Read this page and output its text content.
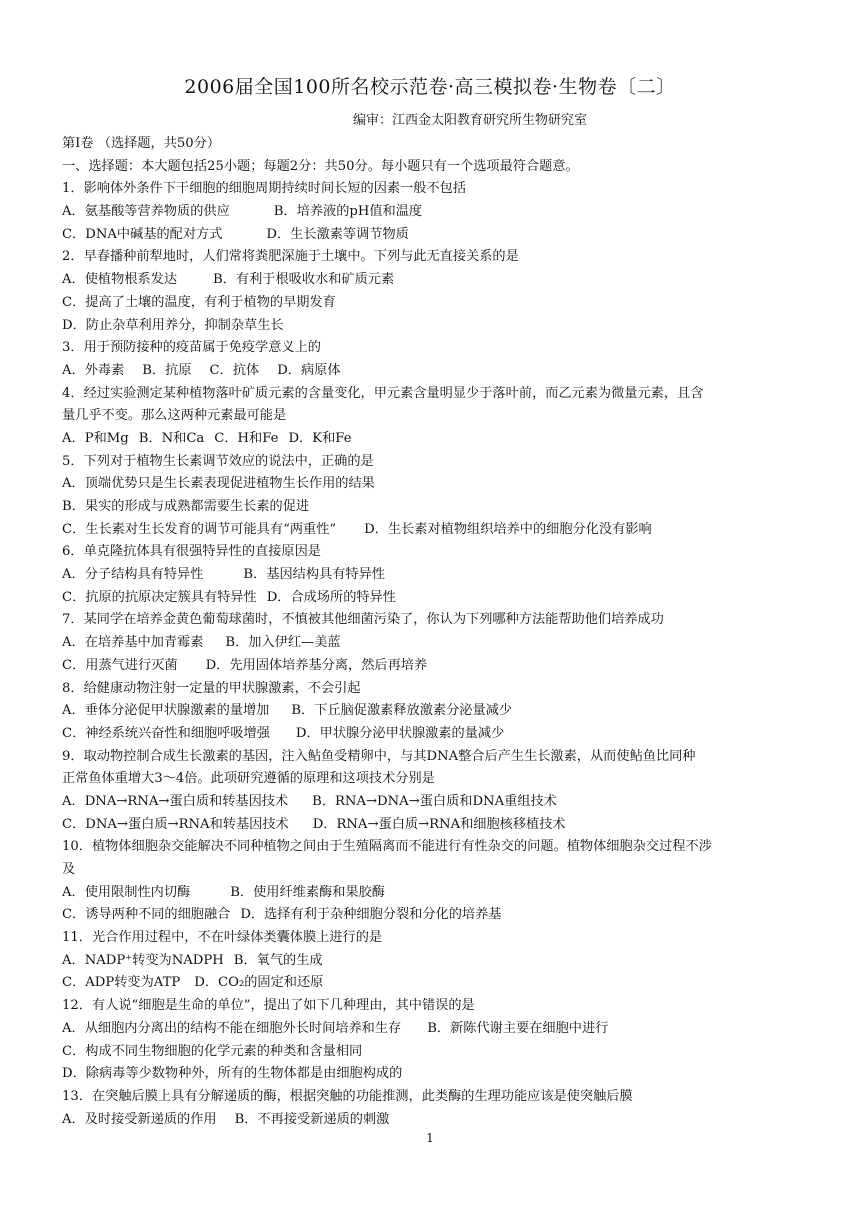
2006届全国100所名校示范卷·高三模拟卷·生物卷〔二〕
编审：江西金太阳教育研究所生物研究室
第Ⅰ卷 （选择题，共50分）
一、选择题：本大题包括25小题；每题2分：共50分。每小题只有一个选项最符合题意。
1．影响体外条件下干细胞的细胞周期持续时间长短的因素一般不包括
A．氨基酸等营养物质的供应	B．培养液的pH值和温度
C．DNA中碱基的配对方式	D．生长激素等调节物质
2．早春播种前犁地时，人们常将粪肥深施于土壤中。下列与此无直接关系的是
A．使植物根系发达	B．有利于根吸收水和矿质元素
C．提高了土壤的温度，有利于植物的早期发育
D．防止杂草利用养分，抑制杂草生长
3．用于预防接种的疫苗属于免疫学意义上的
A．外毒素 B．抗原 C．抗体 D．病原体
4．经过实验测定某种植物落叶矿质元素的含量变化，甲元素含量明显少于落叶前，而乙元素为微量元素，且含
量几乎不变。那么这两种元素最可能是
A．P和Mg B．N和Ca C．H和Fe D．K和Fe
5．下列对于植物生长素调节效应的说法中，正确的是
A．顶端优势只是生长素表现促进植物生长作用的结果
B．果实的形成与成熟都需要生长素的促进
C．生长素对生长发育的调节可能具有“两重性” D．生长素对植物组织培养中的细胞分化没有影响
6．单克隆抗体具有很强特异性的直接原因是
A．分子结构具有特异性	B．基因结构具有特异性
C．抗原的抗原决定簇具有特异性 D．合成场所的特异性
7．某同学在培养金黄色葡萄球菌时，不慎被其他细菌污染了，你认为下列哪种方法能帮助他们培养成功
A．在培养基中加青霉素 B．加入伊红—美蓝
C．用蒸气进行灭菌 D．先用固体培养基分离，然后再培养
8．给健康动物注射一定量的甲状腺激素，不会引起
A．垂体分泌促甲状腺激素的量增加 B．下丘脑促激素释放激素分泌量减少
C．神经系统兴奋性和细胞呼吸增强 D．甲状腺分泌甲状腺激素的量减少
9．取动物控制合成生长激素的基因，注入鲇鱼受精卵中，与其DNA整合后产生生长激素，从而使鲇鱼比同种
正常鱼体重增大3～4倍。此项研究遵循的原理和这项技术分别是
A．DNA→RNA→蛋白质和转基因技术 B．RNA→DNA→蛋白质和DNA重组技术
C．DNA→蛋白质→RNA和转基因技术 D．RNA→蛋白质→RNA和细胞核移植技术
10．植物体细胞杂交能解决不同种植物之间由于生殖隔离而不能进行有性杂交的问题。植物体细胞杂交过程不涉
及
A．使用限制性内切酶	B．使用纤维素酶和果胶酶
C．诱导两种不同的细胞融合 D．选择有利于杂种细胞分裂和分化的培养基
11．光合作用过程中，不在叶绿体类囊体膜上进行的是
A．NADP⁺转变为NADPH B．氧气的生成
C．ADP转变为ATP D．CO₂的固定和还原
12．有人说“细胞是生命的单位”，提出了如下几种理由，其中错误的是
A．从细胞内分离出的结构不能在细胞外长时间培养和生存 B．新陈代谢主要在细胞中进行
C．构成不同生物细胞的化学元素的种类和含量相同
D．除病毒等少数物种外，所有的生物体都是由细胞构成的
13．在突触后膜上具有分解递质的酶，根据突触的功能推测，此类酶的生理功能应该是使突触后膜
A．及时接受新递质的作用 B．不再接受新递质的刺激
1
